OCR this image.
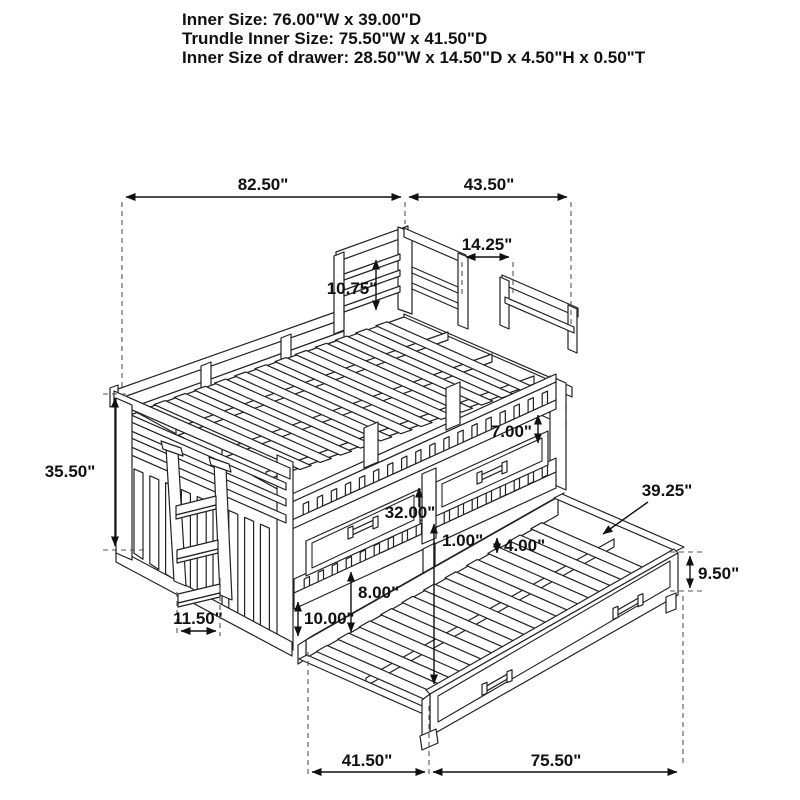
Inner Size: 76.00"W x 39.00"D
Trundle Inner Size: 75.50"W x 41.50"D
Inner Size of drawer: 28.50"W x 14.50"D x 4.50"H x 0.50"T
82.50"	43.50"
14.25"
10.75"
35.50"
11.50"
7.00"
32.00"
1.00" 4.00"
8.00"
10.00"
39.25"
9.50"
41.50"	75.50"
